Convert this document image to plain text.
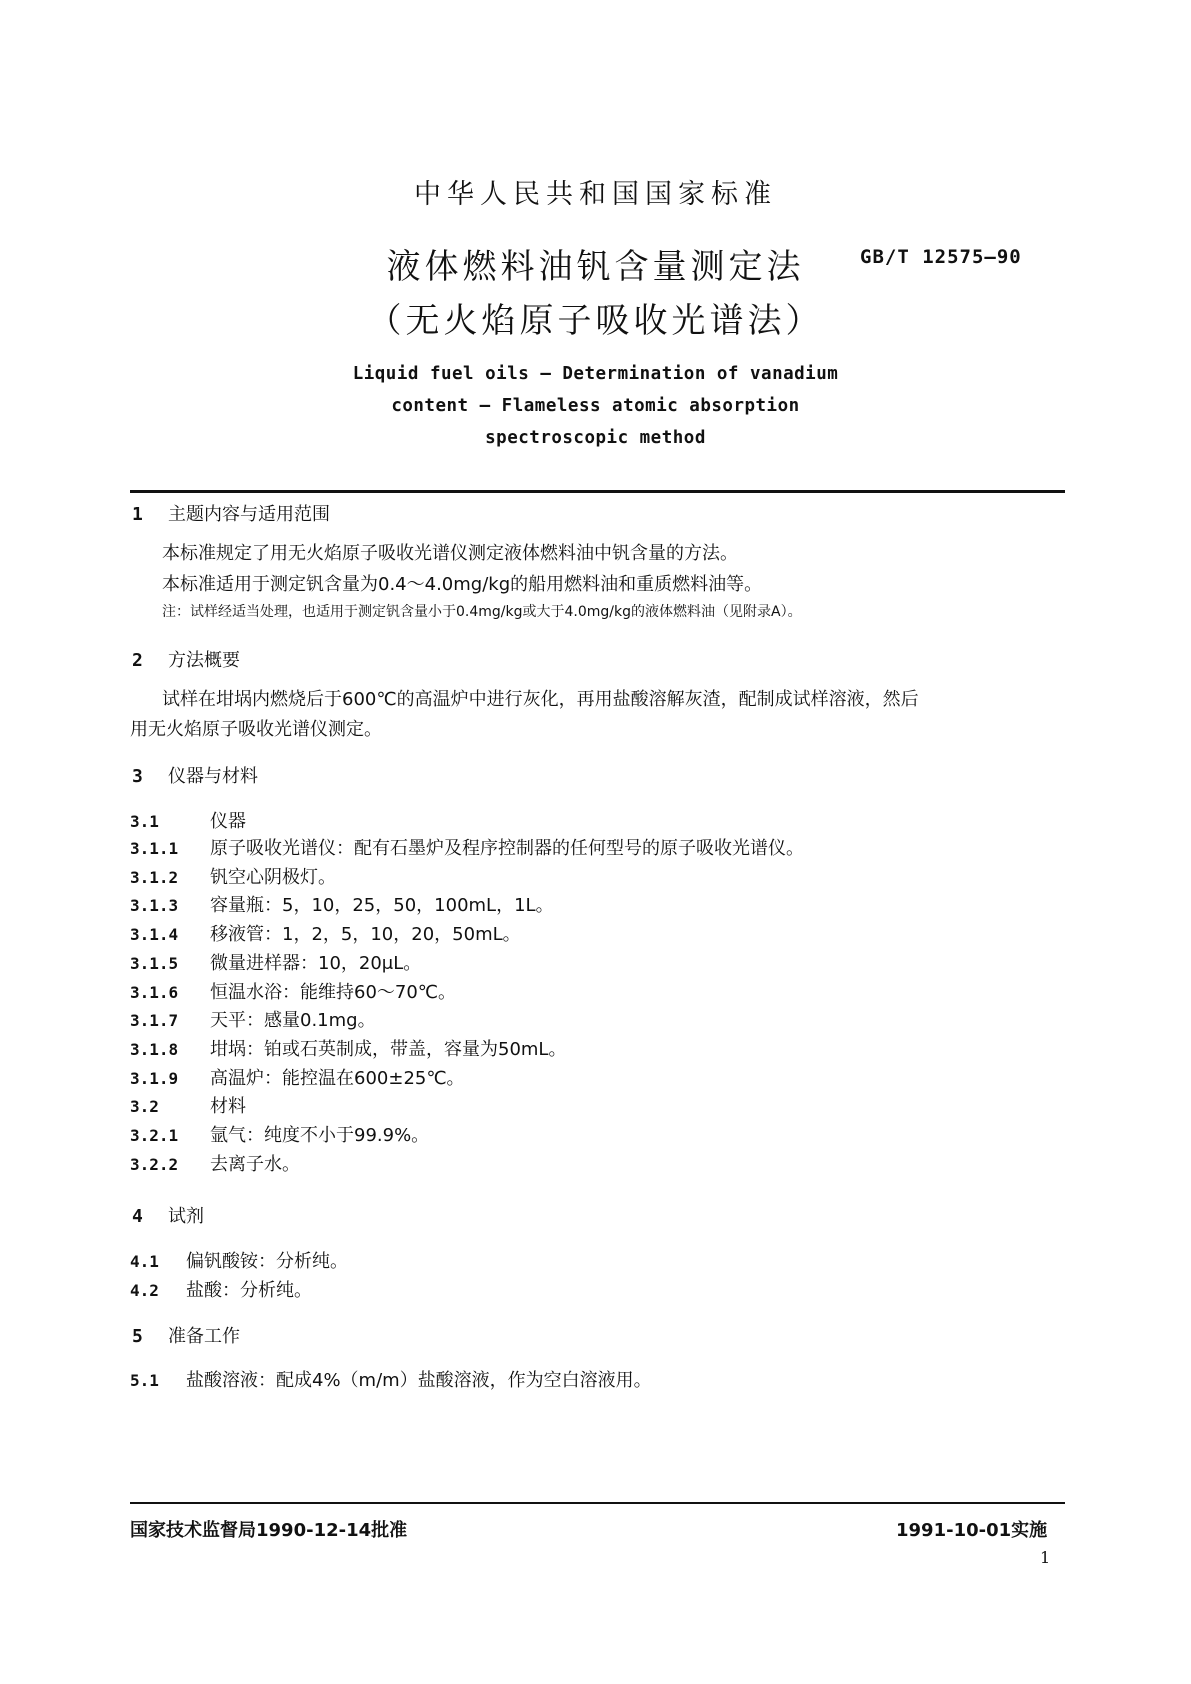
中华人民共和国国家标准
液体燃料油钒含量测定法
（无火焰原子吸收光谱法）
GB/T 12575—90
Liquid fuel oils — Determination of vanadium
content — Flameless atomic absorption
spectroscopic method
1 主题内容与适用范围
本标准规定了用无火焰原子吸收光谱仪测定液体燃料油中钒含量的方法。
本标准适用于测定钒含量为0.4～4.0mg/kg的船用燃料油和重质燃料油等。
注：试样经适当处理，也适用于测定钒含量小于0.4mg/kg或大于4.0mg/kg的液体燃料油（见附录A）。
2 方法概要
试样在坩埚内燃烧后于600℃的高温炉中进行灰化，再用盐酸溶解灰渣，配制成试样溶液，然后
用无火焰原子吸收光谱仪测定。
3 仪器与材料
3.1	仪器
3.1.1 原子吸收光谱仪：配有石墨炉及程序控制器的任何型号的原子吸收光谱仪。
3.1.2 钒空心阴极灯。
3.1.3 容量瓶：5，10，25，50，100mL，1L。
3.1.4 移液管：1，2，5，10，20，50mL。
3.1.5 微量进样器：10，20μL。
3.1.6 恒温水浴：能维持60～70℃。
3.1.7 天平：感量0.1mg。
3.1.8 坩埚：铂或石英制成，带盖，容量为50mL。
3.1.9 高温炉：能控温在600±25℃。
3.2	材料
3.2.1 氩气：纯度不小于99.9%。
3.2.2 去离子水。
4 试剂
4.1 偏钒酸铵：分析纯。
4.2 盐酸：分析纯。
5 准备工作
5.1 盐酸溶液：配成4%（m/m）盐酸溶液，作为空白溶液用。
国家技术监督局1990-12-14批准	1991-10-01实施
1
